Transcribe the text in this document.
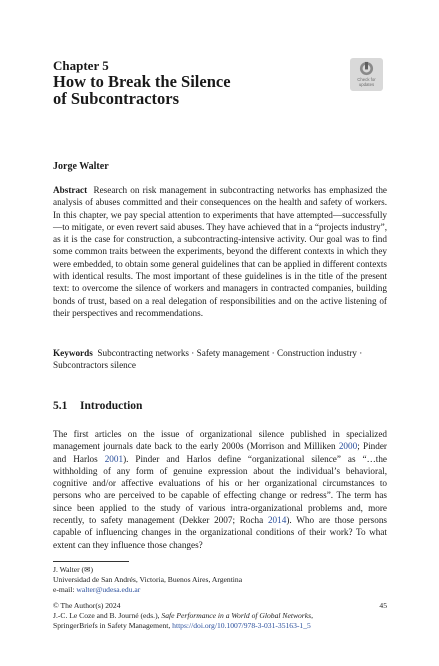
Chapter 5
How to Break the Silence
of Subcontractors
Check for
updates
Jorge Walter

Abstract Research on risk management in subcontracting networks has emphasized the analysis of abuses committed and their consequences on the health and safety of workers. In this chapter, we pay special attention to experiments that have attempted—successfully—to mitigate, or even revert said abuses. They have achieved that in a “projects industry”, as it is the case for construction, a subcontracting-intensive activity. Our goal was to find some common traits between the experiments, beyond the different contexts in which they were embedded, to obtain some general guidelines that can be applied in different contexts with identical results. The most important of these guidelines is in the title of the present text: to overcome the silence of workers and managers in contracted companies, building bonds of trust, based on a real delegation of responsibilities and on the active listening of their perspectives and recommendations.

Keywords Subcontracting networks · Safety management · Construction industry · Subcontractors silence

5.1 Introduction

The first articles on the issue of organizational silence published in specialized management journals date back to the early 2000s (Morrison and Milliken 2000; Pinder and Harlos 2001). Pinder and Harlos define “organizational silence” as “…the withholding of any form of genuine expression about the individual’s behavioral, cognitive and/or affective evaluations of his or her organizational circumstances to persons who are perceived to be capable of effecting change or redress”. The term has since been applied to the study of various intra-organizational problems and, more recently, to safety management (Dekker 2007; Rocha 2014). Who are those persons capable of influencing changes in the organizational conditions of their work? To what extent can they influence those changes?

J. Walter (✉)
Universidad de San Andrés, Victoria, Buenos Aires, Argentina
e-mail: walter@udesa.edu.ar
© The Author(s) 2024
J.-C. Le Coze and B. Journé (eds.), Safe Performance in a World of Global Networks,
SpringerBriefs in Safety Management, https://doi.org/10.1007/978-3-031-35163-1_5
45
